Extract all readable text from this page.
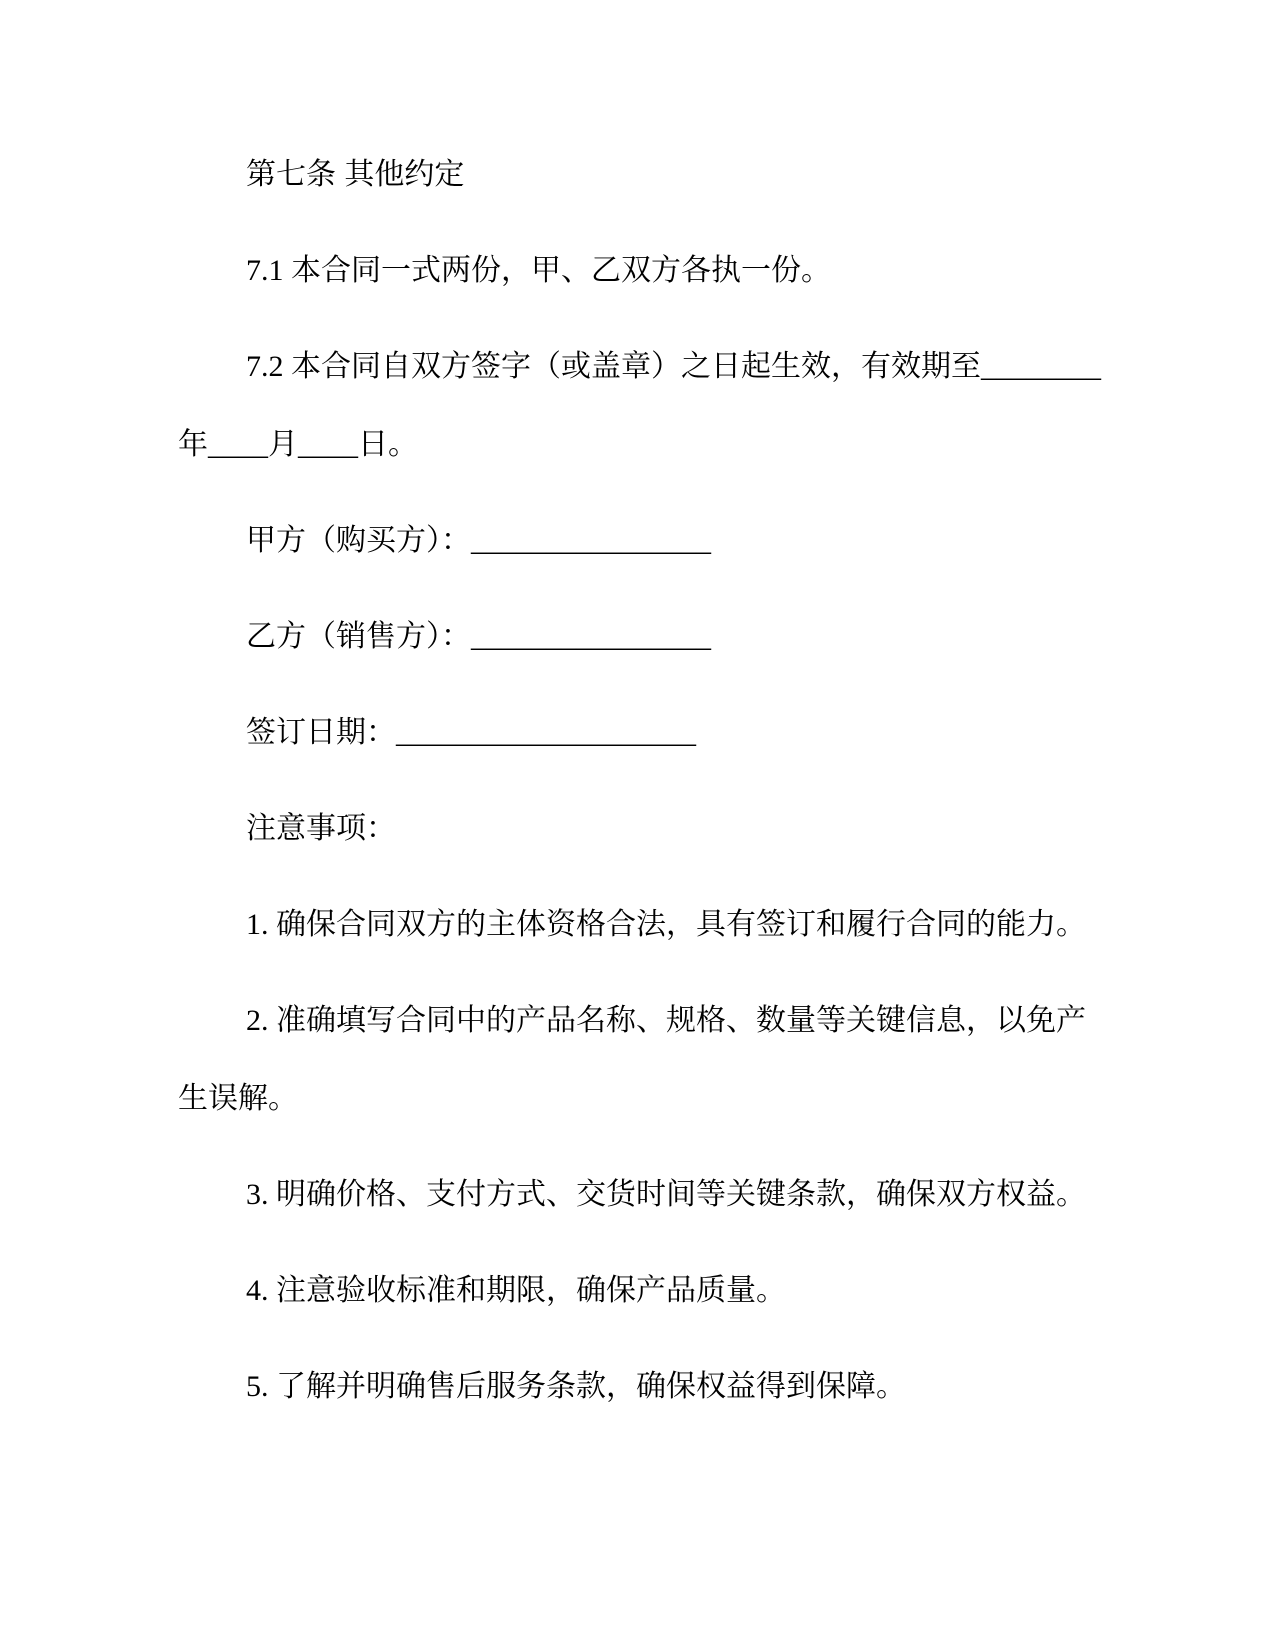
第七条 其他约定
7.1 本合同一式两份，甲、乙双方各执一份。
7.2 本合同自双方签字（或盖章）之日起生效，有效期至________
年____月____日。
甲方（购买方）：________________
乙方（销售方）：________________
签订日期：____________________
注意事项：
1. 确保合同双方的主体资格合法，具有签订和履行合同的能力。
2. 准确填写合同中的产品名称、规格、数量等关键信息，以免产
生误解。
3. 明确价格、支付方式、交货时间等关键条款，确保双方权益。
4. 注意验收标准和期限，确保产品质量。
5. 了解并明确售后服务条款，确保权益得到保障。
